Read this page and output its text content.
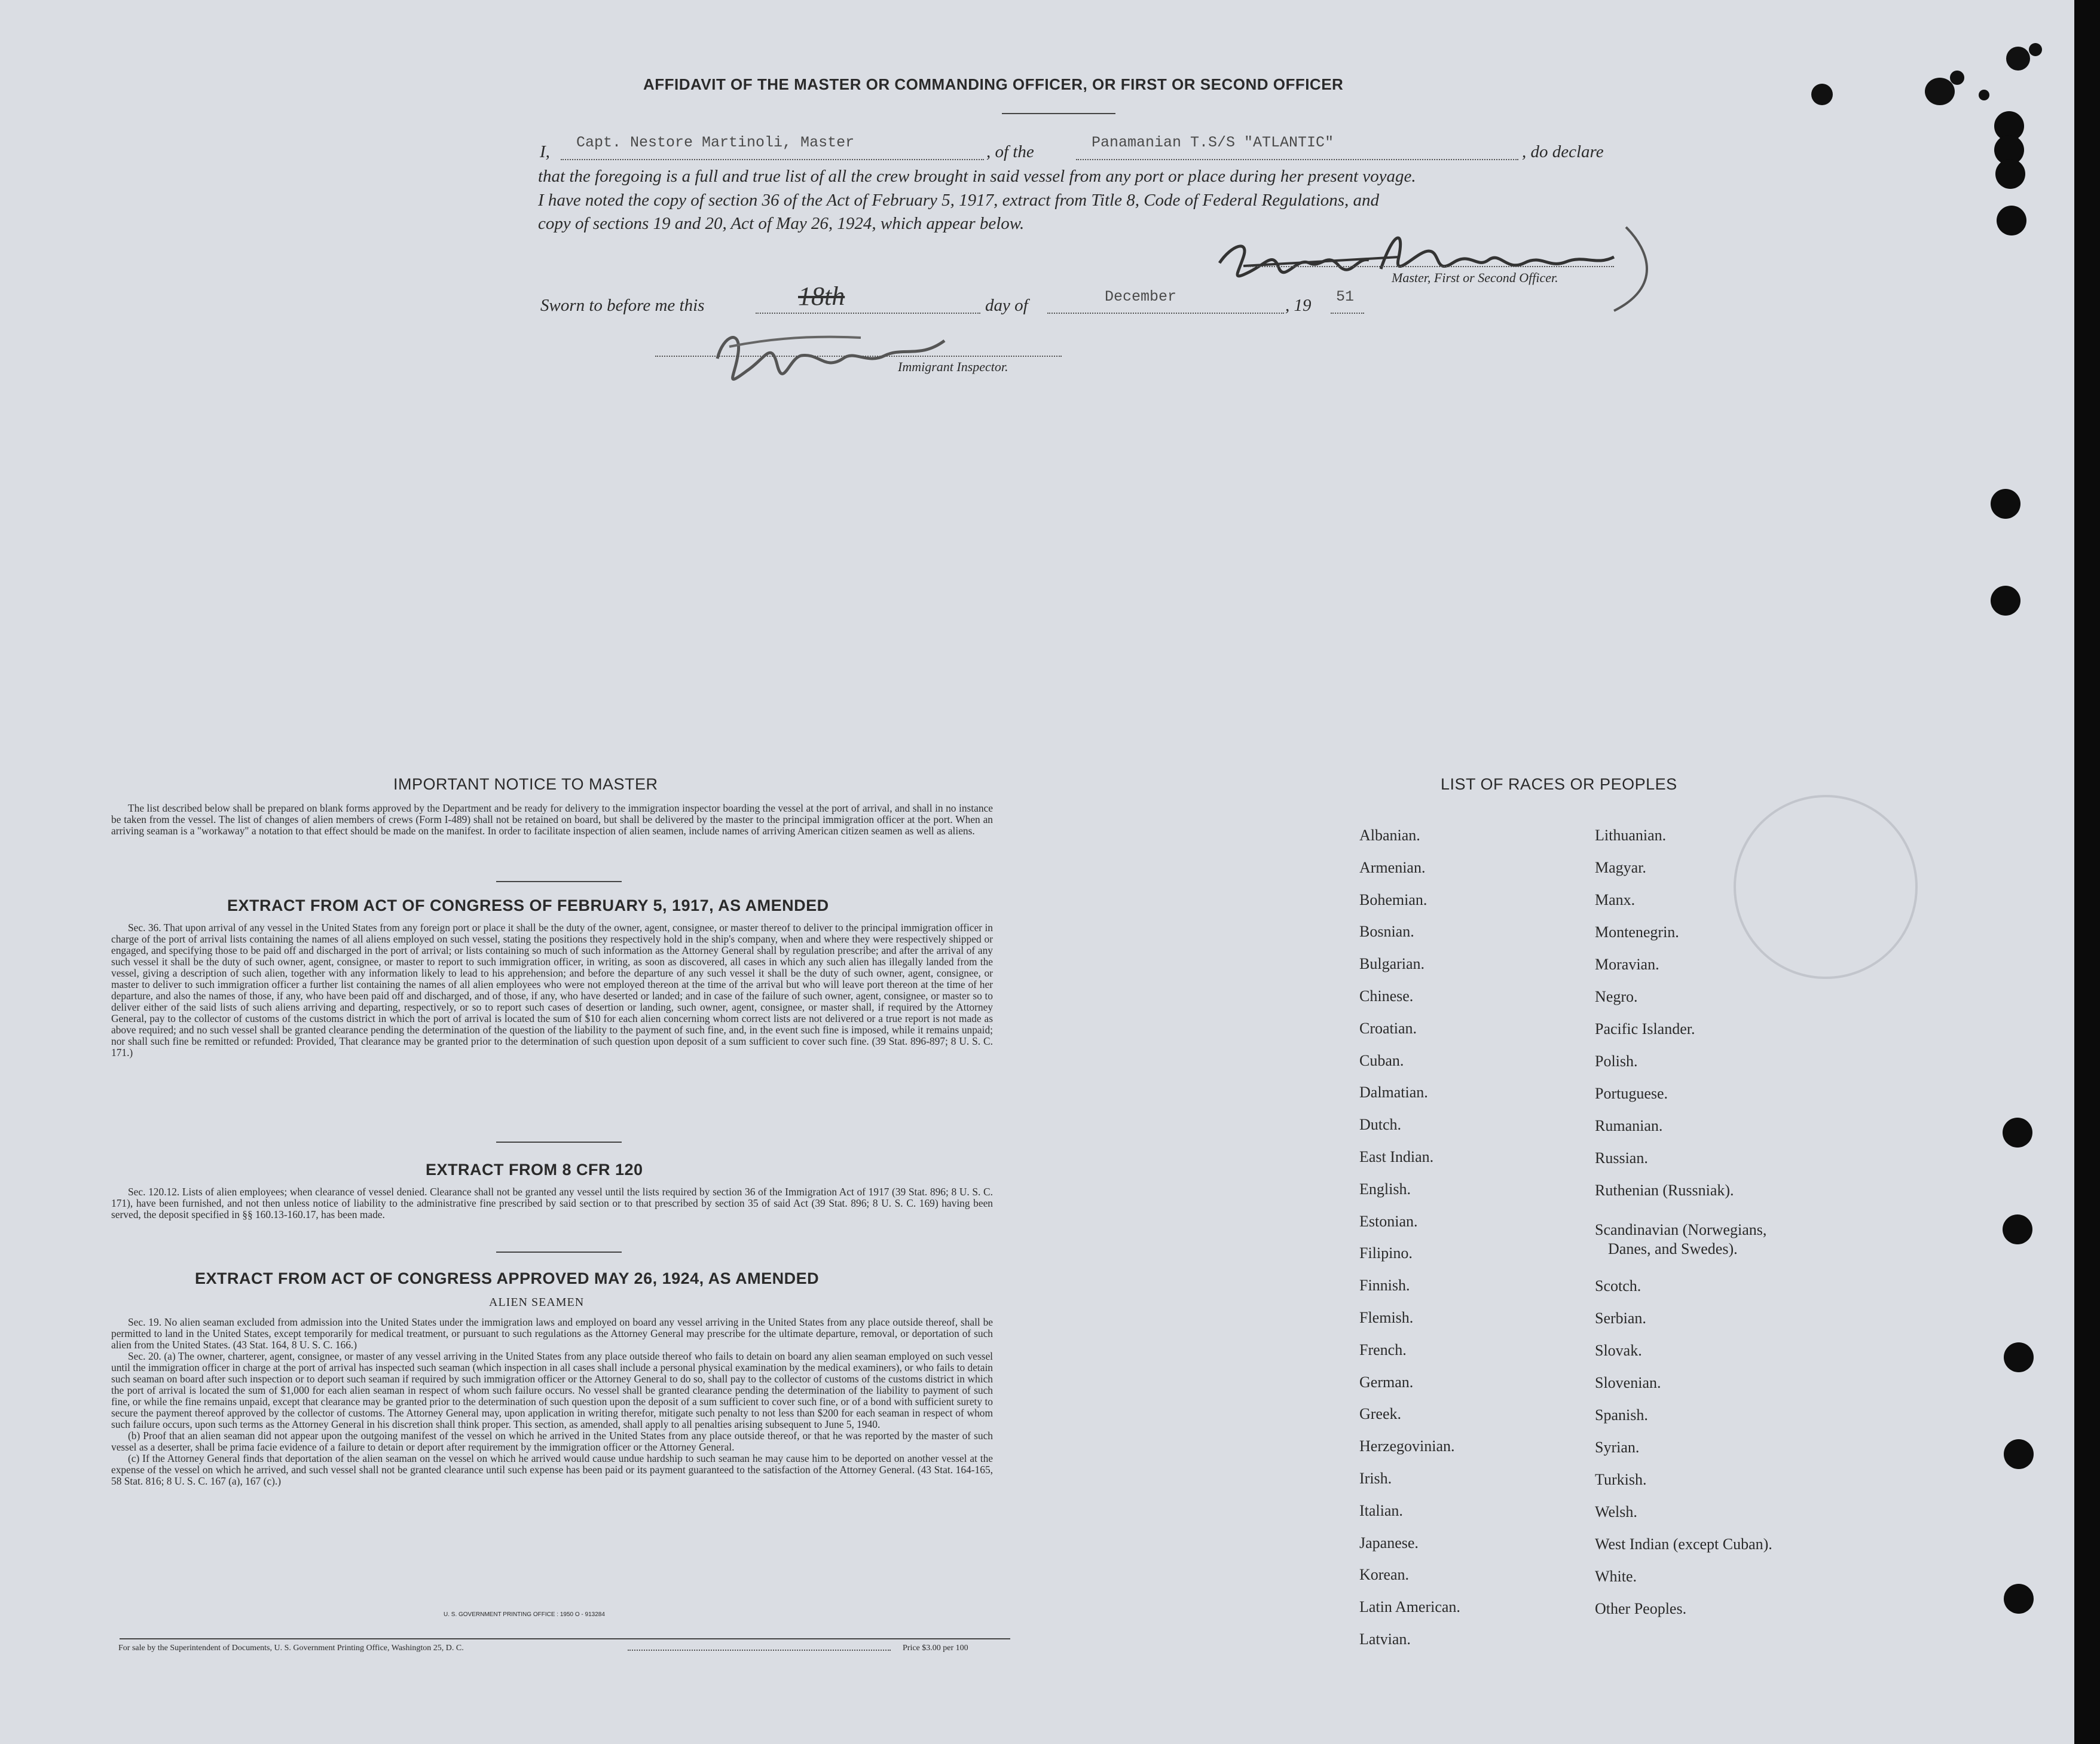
AFFIDAVIT OF THE MASTER OR COMMANDING OFFICER, OR FIRST OR SECOND OFFICER
I, Capt. Nestore Martinoli, Master	, of the	Panamanian T.S/S "ATLANTIC"	, do declare
that the foregoing is a full and true list of all the crew brought in said vessel from any port or place during her present voyage.
I have noted the copy of section 36 of the Act of February 5, 1917, extract from Title 8, Code of Federal Regulations, and
copy of sections 19 and 20, Act of May 26, 1924, which appear below.
Master, First or Second Officer.
Sworn to before me this	18th	day of	December	, 19 51
Immigrant Inspector.
IMPORTANT NOTICE TO MASTER

The list described below shall be prepared on blank forms approved by the Department and be ready for delivery to the immigration inspector boarding the vessel at the port of arrival, and shall in no instance be taken from the vessel. The list of changes of alien members of crews (Form I-489) shall not be retained on board, but shall be delivered by the master to the principal immigration officer at the port. When an arriving seaman is a "workaway" a notation to that effect should be made on the manifest. In order to facilitate inspection of alien seamen, include names of arriving American citizen seamen as well as aliens.

EXTRACT FROM ACT OF CONGRESS OF FEBRUARY 5, 1917, AS AMENDED

Sec. 36. That upon arrival of any vessel in the United States from any foreign port or place it shall be the duty of the owner, agent, consignee, or master thereof to deliver to the principal immigration officer in charge of the port of arrival lists containing the names of all aliens employed on such vessel, stating the positions they respectively hold in the ship's company, when and where they were respectively shipped or engaged, and specifying those to be paid off and discharged in the port of arrival; or lists containing so much of such information as the Attorney General shall by regulation prescribe; and after the arrival of any such vessel it shall be the duty of such owner, agent, consignee, or master to report to such immigration officer, in writing, as soon as discovered, all cases in which any such alien has illegally landed from the vessel, giving a description of such alien, together with any information likely to lead to his apprehension; and before the departure of any such vessel it shall be the duty of such owner, agent, consignee, or master to deliver to such immigration officer a further list containing the names of all alien employees who were not employed thereon at the time of the arrival but who will leave port thereon at the time of her departure, and also the names of those, if any, who have been paid off and discharged, and of those, if any, who have deserted or landed; and in case of the failure of such owner, agent, consignee, or master so to deliver either of the said lists of such aliens arriving and departing, respectively, or so to report such cases of desertion or landing, such owner, agent, consignee, or master shall, if required by the Attorney General, pay to the collector of customs of the customs district in which the port of arrival is located the sum of $10 for each alien concerning whom correct lists are not delivered or a true report is not made as above required; and no such vessel shall be granted clearance pending the determination of the question of the liability to the payment of such fine, and, in the event such fine is imposed, while it remains unpaid; nor shall such fine be remitted or refunded: Provided, That clearance may be granted prior to the determination of such question upon deposit of a sum sufficient to cover such fine. (39 Stat. 896-897; 8 U. S. C. 171.)

EXTRACT FROM 8 CFR 120

Sec. 120.12. Lists of alien employees; when clearance of vessel denied. Clearance shall not be granted any vessel until the lists required by section 36 of the Immigration Act of 1917 (39 Stat. 896; 8 U. S. C. 171), have been furnished, and not then unless notice of liability to the administrative fine prescribed by said section or to that prescribed by section 35 of said Act (39 Stat. 896; 8 U. S. C. 169) having been served, the deposit specified in §§ 160.13-160.17, has been made.

EXTRACT FROM ACT OF CONGRESS APPROVED MAY 26, 1924, AS AMENDED
ALIEN SEAMEN

Sec. 19. No alien seaman excluded from admission into the United States under the immigration laws and employed on board any vessel arriving in the United States from any place outside thereof, shall be permitted to land in the United States, except temporarily for medical treatment, or pursuant to such regulations as the Attorney General may prescribe for the ultimate departure, removal, or deportation of such alien from the United States. (43 Stat. 164, 8 U. S. C. 166.)

Sec. 20. (a) The owner, charterer, agent, consignee, or master of any vessel arriving in the United States from any place outside thereof who fails to detain on board any alien seaman employed on such vessel until the immigration officer in charge at the port of arrival has inspected such seaman (which inspection in all cases shall include a personal physical examination by the medical examiners), or who fails to detain such seaman on board after such inspection or to deport such seaman if required by such immigration officer or the Attorney General to do so, shall pay to the collector of customs of the customs district in which the port of arrival is located the sum of $1,000 for each alien seaman in respect of whom such failure occurs. No vessel shall be granted clearance pending the determination of the liability to payment of such fine, or while the fine remains unpaid, except that clearance may be granted prior to the determination of such question upon the deposit of a sum sufficient to cover such fine, or of a bond with sufficient surety to secure the payment thereof approved by the collector of customs. The Attorney General may, upon application in writing therefor, mitigate such penalty to not less than $200 for each seaman in respect of whom such failure occurs, upon such terms as the Attorney General in his discretion shall think proper. This section, as amended, shall apply to all penalties arising subsequent to June 5, 1940.

(b) Proof that an alien seaman did not appear upon the outgoing manifest of the vessel on which he arrived in the United States from any place outside thereof, or that he was reported by the master of such vessel as a deserter, shall be prima facie evidence of a failure to detain or deport after requirement by the immigration officer or the Attorney General.

(c) If the Attorney General finds that deportation of the alien seaman on the vessel on which he arrived would cause undue hardship to such seaman he may cause him to be deported on another vessel at the expense of the vessel on which he arrived, and such vessel shall not be granted clearance until such expense has been paid or its payment guaranteed to the satisfaction of the Attorney General. (43 Stat. 164-165, 58 Stat. 816; 8 U. S. C. 167 (a), 167 (c).)

U. S. GOVERNMENT PRINTING OFFICE : 1950 O - 913284
For sale by the Superintendent of Documents, U. S. Government Printing Office, Washington 25, D. C.	Price $3.00 per 100
LIST OF RACES OR PEOPLES
Albanian.
Armenian.
Bohemian.
Bosnian.
Bulgarian.
Chinese.
Croatian.
Cuban.
Dalmatian.
Dutch.
East Indian.
English.
Estonian.
Filipino.
Finnish.
Flemish.
French.
German.
Greek.
Herzegovinian.
Irish.
Italian.
Japanese.
Korean.
Latin American.
Latvian.
Lithuanian.
Magyar.
Manx.
Montenegrin.
Moravian.
Negro.
Pacific Islander.
Polish.
Portuguese.
Rumanian.
Russian.
Ruthenian (Russniak).
Scandinavian (Norwegians,
Danes, and Swedes).
Scotch.
Serbian.
Slovak.
Slovenian.
Spanish.
Syrian.
Turkish.
Welsh.
West Indian (except Cuban).
White.
Other Peoples.
